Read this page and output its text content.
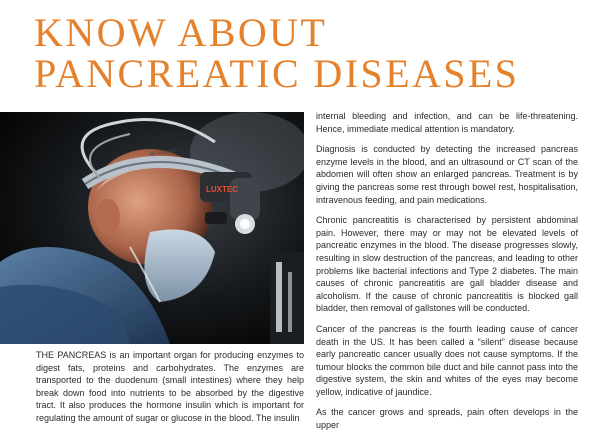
KNOW ABOUT
PANCREATIC DISEASES
LUXTEC
REUSABLE

THE PANCREAS is an important organ for producing enzymes to digest fats, proteins and carbohydrates. The enzymes are transported to the duodenum (small intestines) where they help break down food into nutrients to be absorbed by the digestive tract. It also produces the hormone insulin which is important for regulating the amount of sugar or glucose in the blood. The insulin

internal bleeding and infection, and can be life-threatening. Hence, immediate medical attention is mandatory.

Diagnosis is conducted by detecting the increased pancreas enzyme levels in the blood, and an ultrasound or CT scan of the abdomen will often show an enlarged pancreas. Treatment is by giving the pancreas some rest through bowel rest, hospitalisation, intravenous feeding, and pain medications.

Chronic pancreatitis is characterised by persistent abdominal pain. However, there may or may not be elevated levels of pancreatic enzymes in the blood. The disease progresses slowly, resulting in slow destruction of the pancreas, and leading to other problems like bacterial infections and Type 2 diabetes. The main causes of chronic pancreatitis are gall bladder disease and alcoholism. If the cause of chronic pancreatitis is blocked gall bladder, then removal of gallstones will be conducted.

Cancer of the pancreas is the fourth leading cause of cancer death in the US. It has been called a “silent” disease because early pancreatic cancer usually does not cause symptoms. If the tumour blocks the common bile duct and bile cannot pass into the digestive system, the skin and whites of the eyes may become yellow, indicative of jaundice.

As the cancer grows and spreads, pain often develops in the upper
